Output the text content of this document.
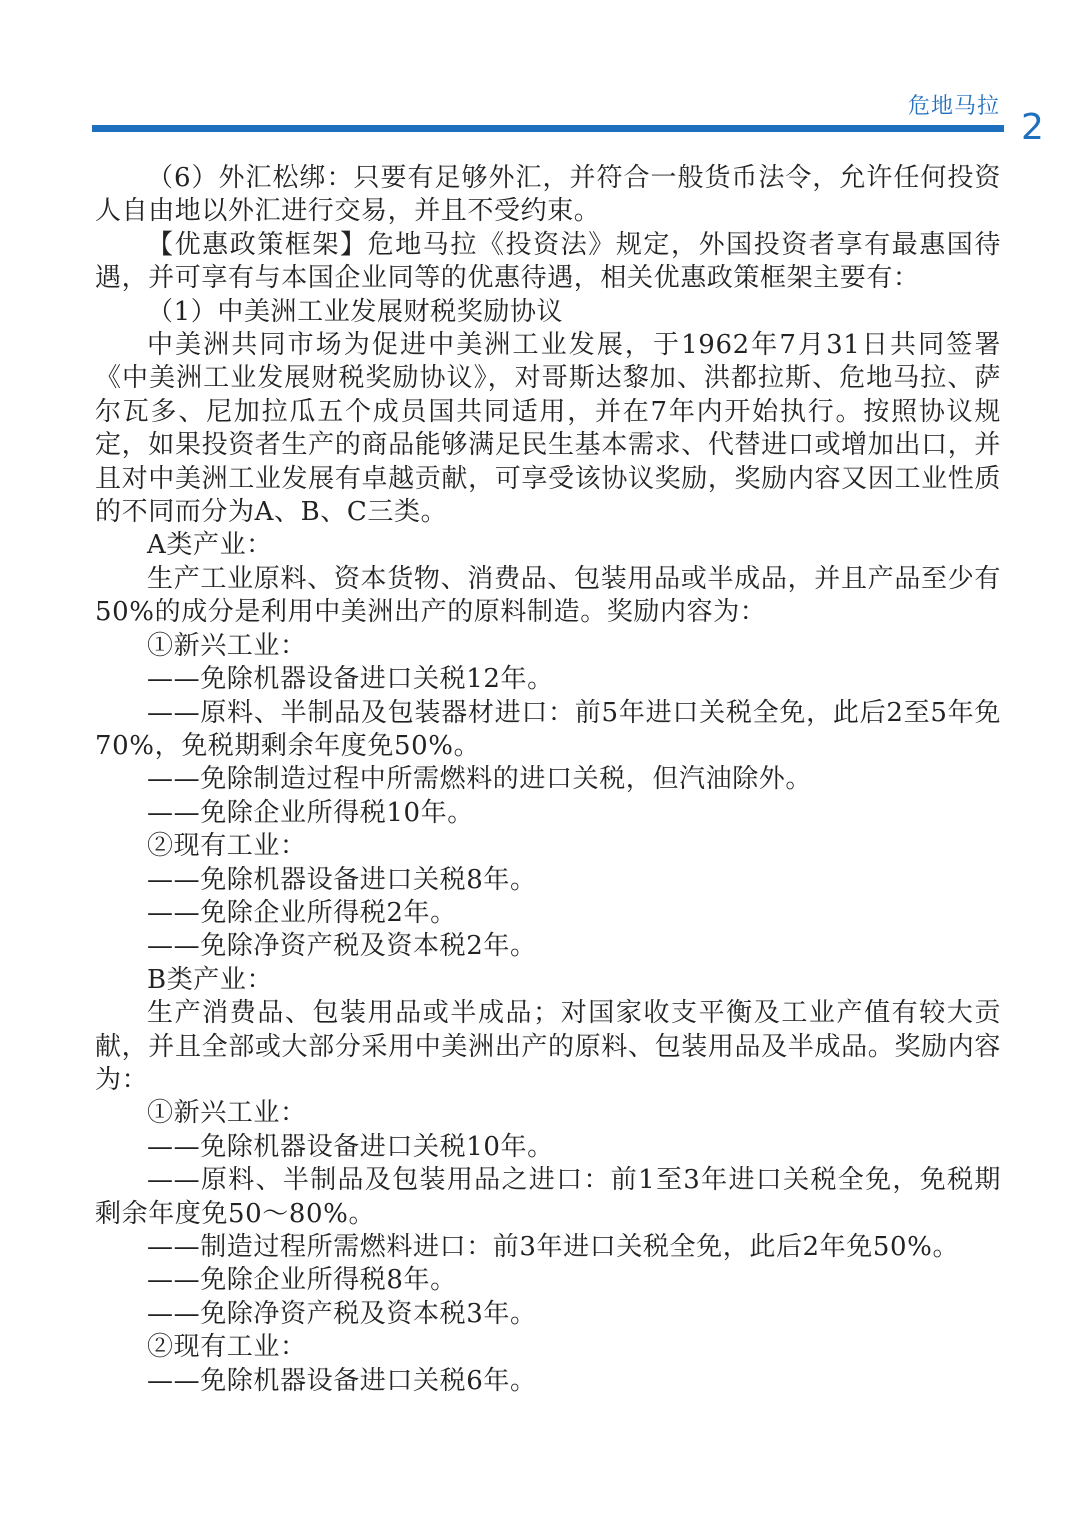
危地马拉
2

（6）外汇松绑：只要有足够外汇，并符合一般货币法令，允许任何投资人自由地以外汇进行交易，并且不受约束。

【优惠政策框架】危地马拉《投资法》规定，外国投资者享有最惠国待遇，并可享有与本国企业同等的优惠待遇，相关优惠政策框架主要有：

（1）中美洲工业发展财税奖励协议

中美洲共同市场为促进中美洲工业发展，于1962年7月31日共同签署《中美洲工业发展财税奖励协议》，对哥斯达黎加、洪都拉斯、危地马拉、萨尔瓦多、尼加拉瓜五个成员国共同适用，并在7年内开始执行。按照协议规定，如果投资者生产的商品能够满足民生基本需求、代替进口或增加出口，并且对中美洲工业发展有卓越贡献，可享受该协议奖励，奖励内容又因工业性质的不同而分为A、B、C三类。

A类产业：

生产工业原料、资本货物、消费品、包装用品或半成品，并且产品至少有50%的成分是利用中美洲出产的原料制造。奖励内容为：

①新兴工业：

——免除机器设备进口关税12年。

——原料、半制品及包装器材进口：前5年进口关税全免，此后2至5年免70%，免税期剩余年度免50%。

——免除制造过程中所需燃料的进口关税，但汽油除外。

——免除企业所得税10年。

②现有工业：

——免除机器设备进口关税8年。

——免除企业所得税2年。

——免除净资产税及资本税2年。

B类产业：

生产消费品、包装用品或半成品；对国家收支平衡及工业产值有较大贡献，并且全部或大部分采用中美洲出产的原料、包装用品及半成品。奖励内容为：

①新兴工业：

——免除机器设备进口关税10年。

——原料、半制品及包装用品之进口：前1至3年进口关税全免，免税期剩余年度免50～80%。

——制造过程所需燃料进口：前3年进口关税全免，此后2年免50%。

——免除企业所得税8年。

——免除净资产税及资本税3年。

②现有工业：

——免除机器设备进口关税6年。
